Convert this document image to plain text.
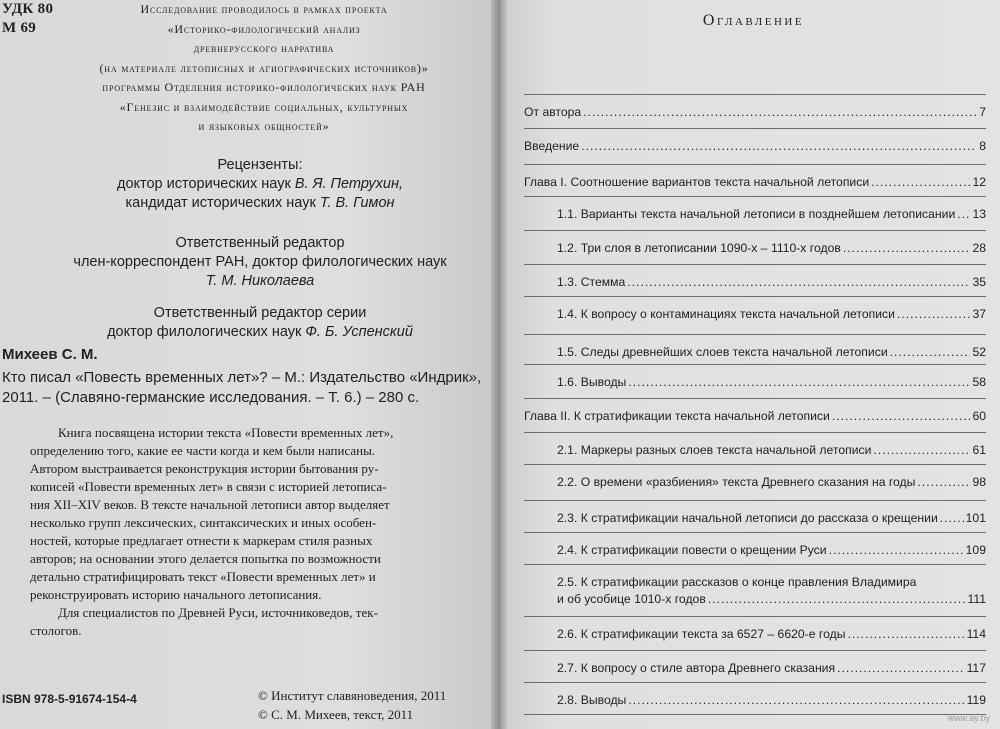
УДК 80
М 69
Исследование проводилось в рамках проекта
«Историко-филологический анализ
древнерусского нарратива
(на материале летописных и агиографических источников)»
программы Отделения историко-филологических наук РАН
«Генезис и взаимодействие социальных, культурных
и языковых общностей»
Рецензенты:
доктор исторических наук В. Я. Петрухин,
кандидат исторических наук Т. В. Гимон
Ответственный редактор
член-корреспондент РАН, доктор филологических наук
Т. М. Николаева
Ответственный редактор серии
доктор филологических наук Ф. Б. Успенский
Михеев С. М.
Кто писал «Повесть временных лет»? – М.: Издательство «Индрик»,
2011. – (Славяно-германские исследования. – Т. 6.) – 280 с.
Книга посвящена истории текста «Повести временных лет»,
определению того, какие ее части когда и кем были написаны.
Автором выстраивается реконструкция истории бытования ру-
кописей «Повести временных лет» в связи с историей летописа-
ния XII–XIV веков. В тексте начальной летописи автор выделяет
несколько групп лексических, синтаксических и иных особен-
ностей, которые предлагает отнести к маркерам стиля разных
авторов; на основании этого делается попытка по возможности
детально стратифицировать текст «Повести временных лет» и
реконструировать историю начального летописания.
Для специалистов по Древней Руси, источниковедов, тек-
стологов.
ISBN 978-5-91674-154-4	© Институт славяноведения, 2011
© С. М. Михеев, текст, 2011
Оглавление
От автора .....	7
Введение .....	8
Глава I. Соотношение вариантов текста начальной летописи .....	12
1.1. Варианты текста начальной летописи в позднейшем летописании ..... 13
1.2. Три слоя в летописании 1090-х – 1110-х годов .....	28
1.3. Стемма .....	35
1.4. К вопросу о контаминациях текста начальной летописи .....	37
1.5. Следы древнейших слоев текста начальной летописи .....	52
1.6. Выводы .....	58
Глава II. К стратификации текста начальной летописи .....	60
2.1. Маркеры разных слоев текста начальной летописи .....	61
2.2. О времени «разбиения» текста Древнего сказания на годы .....	98
2.3. К стратификации начальной летописи до рассказа о крещении ..... 101
2.4. К стратификации повести о крещении Руси .....	109
2.5. К стратификации рассказов о конце правления Владимира
и об усобице 1010-х годов .....	111
2.6. К стратификации текста за 6527 – 6620-е годы .....	114
2.7. К вопросу о стиле автора Древнего сказания .....	117
2.8. Выводы .....	119
www.ay.by
